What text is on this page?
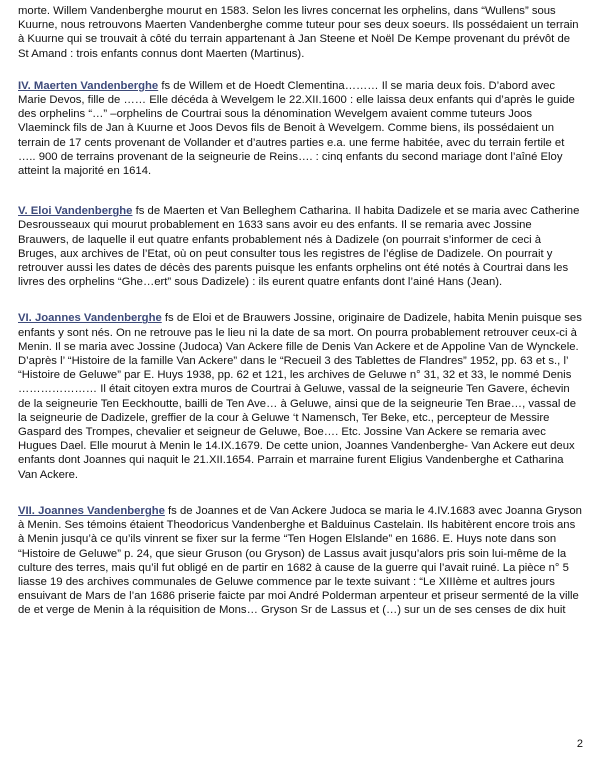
morte. Willem Vandenberghe mourut en 1583. Selon les livres concernat les orphelins, dans “Wullens” sous Kuurne, nous retrouvons Maerten Vandenberghe comme tuteur pour ses deux soeurs. Ils possédaient un terrain à Kuurne qui se trouvait à côté du terrain appartenant à Jan Steene et Noël De Kempe provenant du prévôt de St Amand : trois enfants connus dont Maerten (Martinus).

IV. Maerten Vandenberghe fs de Willem et de Hoedt Clementina……… Il se maria deux fois. D’abord avec Marie Devos, fille de …… Elle décéda à Wevelgem le 22.XII.1600 : elle laissa deux enfants qui d’après le guide des orphelins “…” –orphelins de Courtrai sous la dénomination Wevelgem avaient comme tuteurs Joos Vlaeminck fils de Jan à Kuurne et Joos Devos fils de Benoit à Wevelgem. Comme biens, ils possédaient un terrain de 17 cents provenant de Vollander et d’autres parties e.a. une ferme habitée, avec du terrain fertile et ….. 900 de terrains provenant de la seigneurie de Reins…. : cinq enfants du second mariage dont l’aîné Eloy atteint la majorité en 1614.

V. Eloi Vandenberghe fs de Maerten et Van Belleghem Catharina. Il habita Dadizele et se maria avec Catherine Desrousseaux qui mourut probablement en 1633 sans avoir eu des enfants. Il se remaria avec Jossine Brauwers, de laquelle il eut quatre enfants probablement nés à Dadizele (on pourrait s’informer de ceci à Bruges, aux archives de l’Etat, où on peut consulter tous les registres de l’église de Dadizele. On pourrait y retrouver aussi les dates de décès des parents puisque les enfants orphelins ont été notés à Courtrai dans les livres des orphelins “Ghe…ert” sous Dadizele) : ils eurent quatre enfants dont l’ainé Hans (Jean).

VI. Joannes Vandenberghe fs de Eloi et de Brauwers Jossine, originaire de Dadizele, habita Menin puisque ses enfants y sont nés. On ne retrouve pas le lieu ni la date de sa mort. On pourra probablement retrouver ceux-ci à Menin. Il se maria avec Jossine (Judoca) Van Ackere fille de Denis Van Ackere et de Appoline Van de Wynckele. D’après l’ “Histoire de la famille Van Ackere” dans le “Recueil 3 des Tablettes de Flandres” 1952, pp. 63 et s., l’ “Histoire de Geluwe” par E. Huys 1938, pp. 62 et 121, les archives de Geluwe n° 31, 32 et 33, le nommé Denis ………………… Il était citoyen extra muros de Courtrai à Geluwe, vassal de la seigneurie Ten Gavere, échevin de la seigneurie Ten Eeckhoutte, bailli de Ten Ave… à Geluwe, ainsi que de la seigneurie Ten Brae…, vassal de la seigneurie de Dadizele, greffier de la cour à Geluwe ‘t Namensch, Ter Beke, etc., percepteur de Messire Gaspard des Trompes, chevalier et seigneur de Geluwe, Boe…. Etc. Jossine Van Ackere se remaria avec Hugues Dael. Elle mourut à Menin le 14.IX.1679. De cette union, Joannes Vandenberghe- Van Ackere eut deux enfants dont Joannes qui naquit le 21.XII.1654. Parrain et marraine furent Eligius Vandenberghe et Catharina Van Ackere.

VII. Joannes Vandenberghe fs de Joannes et de Van Ackere Judocа se maria le 4.IV.1683 avec Joanna Gryson à Menin. Ses témoins étaient Theodoricus Vandenberghe et Balduinus Castelain. Ils habitèrent encore trois ans à Menin jusqu’à ce qu’ils vinrent se fixer sur la ferme “Ten Hogen Elslande” en 1686. E. Huys note dans son “Histoire de Geluwe” p. 24, que sieur Gruson (ou Gryson) de Lassus avait jusqu’alors pris soin lui-même de la culture des terres, mais qu’il fut obligé en de partir en 1682 à cause de la guerre qui l’avait ruiné. La pièce n° 5 liasse 19 des archives communales de Geluwe commence par le texte suivant : “Le XIIIème et aultres jours ensuivant de Mars de l’an 1686 priserie faicte par moi André Polderman arpenteur et priseur sermenté de la ville de et verge de Menin à la réquisition de Mons… Gryson Sr de Lassus et (…) sur un de ses censes de dix huit

2
